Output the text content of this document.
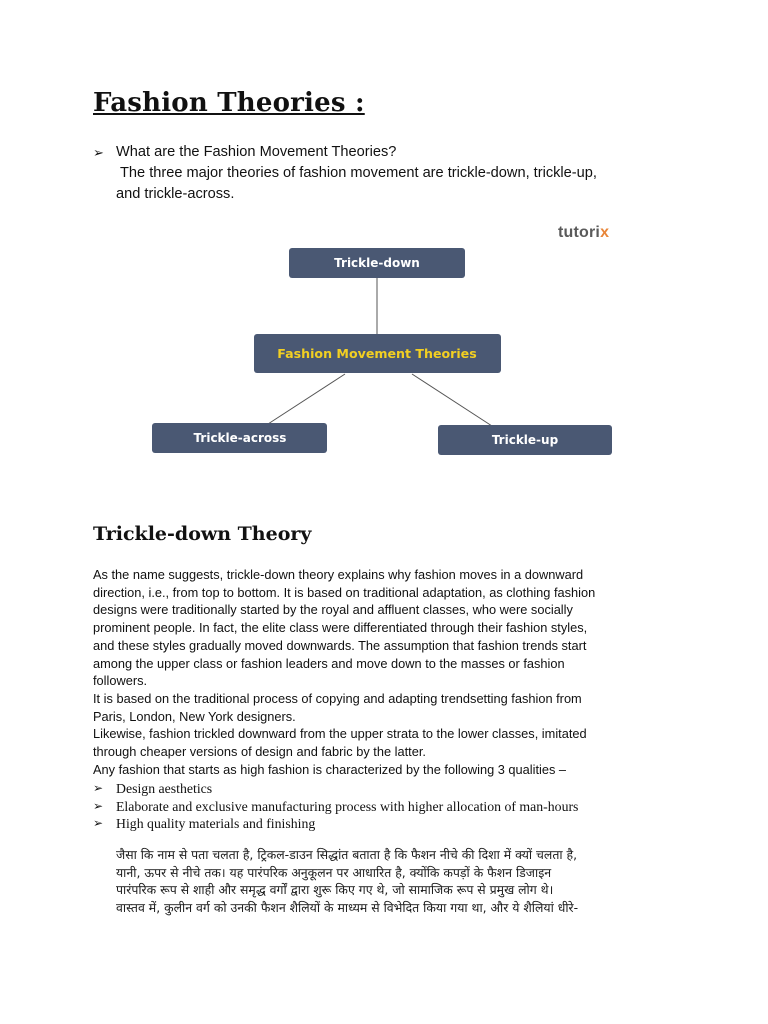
Fashion Theories :
➢ What are the Fashion Movement Theories?
The three major theories of fashion movement are trickle-down, trickle-up,
and trickle-across.
tutorix
Trickle-down
Fashion Movement Theories
Trickle-across	Trickle-up
Trickle-down Theory
As the name suggests, trickle-down theory explains why fashion moves in a downward
direction, i.e., from top to bottom. It is based on traditional adaptation, as clothing fashion
designs were traditionally started by the royal and affluent classes, who were socially
prominent people. In fact, the elite class were differentiated through their fashion styles,
and these styles gradually moved downwards. The assumption that fashion trends start
among the upper class or fashion leaders and move down to the masses or fashion
followers.
It is based on the traditional process of copying and adapting trendsetting fashion from
Paris, London, New York designers.
Likewise, fashion trickled downward from the upper strata to the lower classes, imitated
through cheaper versions of design and fabric by the latter.
Any fashion that starts as high fashion is characterized by the following 3 qualities –
➢ Design aesthetics
➢ Elaborate and exclusive manufacturing process with higher allocation of man-hours
➢ High quality materials and finishing
जैसा कि नाम से पता चलता है, ट्रिकल-डाउन सिद्धांत बताता है कि फैशन नीचे की दिशा में क्यों चलता है,
यानी, ऊपर से नीचे तक। यह पारंपरिक अनुकूलन पर आधारित है, क्योंकि कपड़ों के फैशन डिजाइन
पारंपरिक रूप से शाही और समृद्ध वर्गों द्वारा शुरू किए गए थे, जो सामाजिक रूप से प्रमुख लोग थे।
वास्तव में, कुलीन वर्ग को उनकी फैशन शैलियों के माध्यम से विभेदित किया गया था, और ये शैलियां धीरे-
